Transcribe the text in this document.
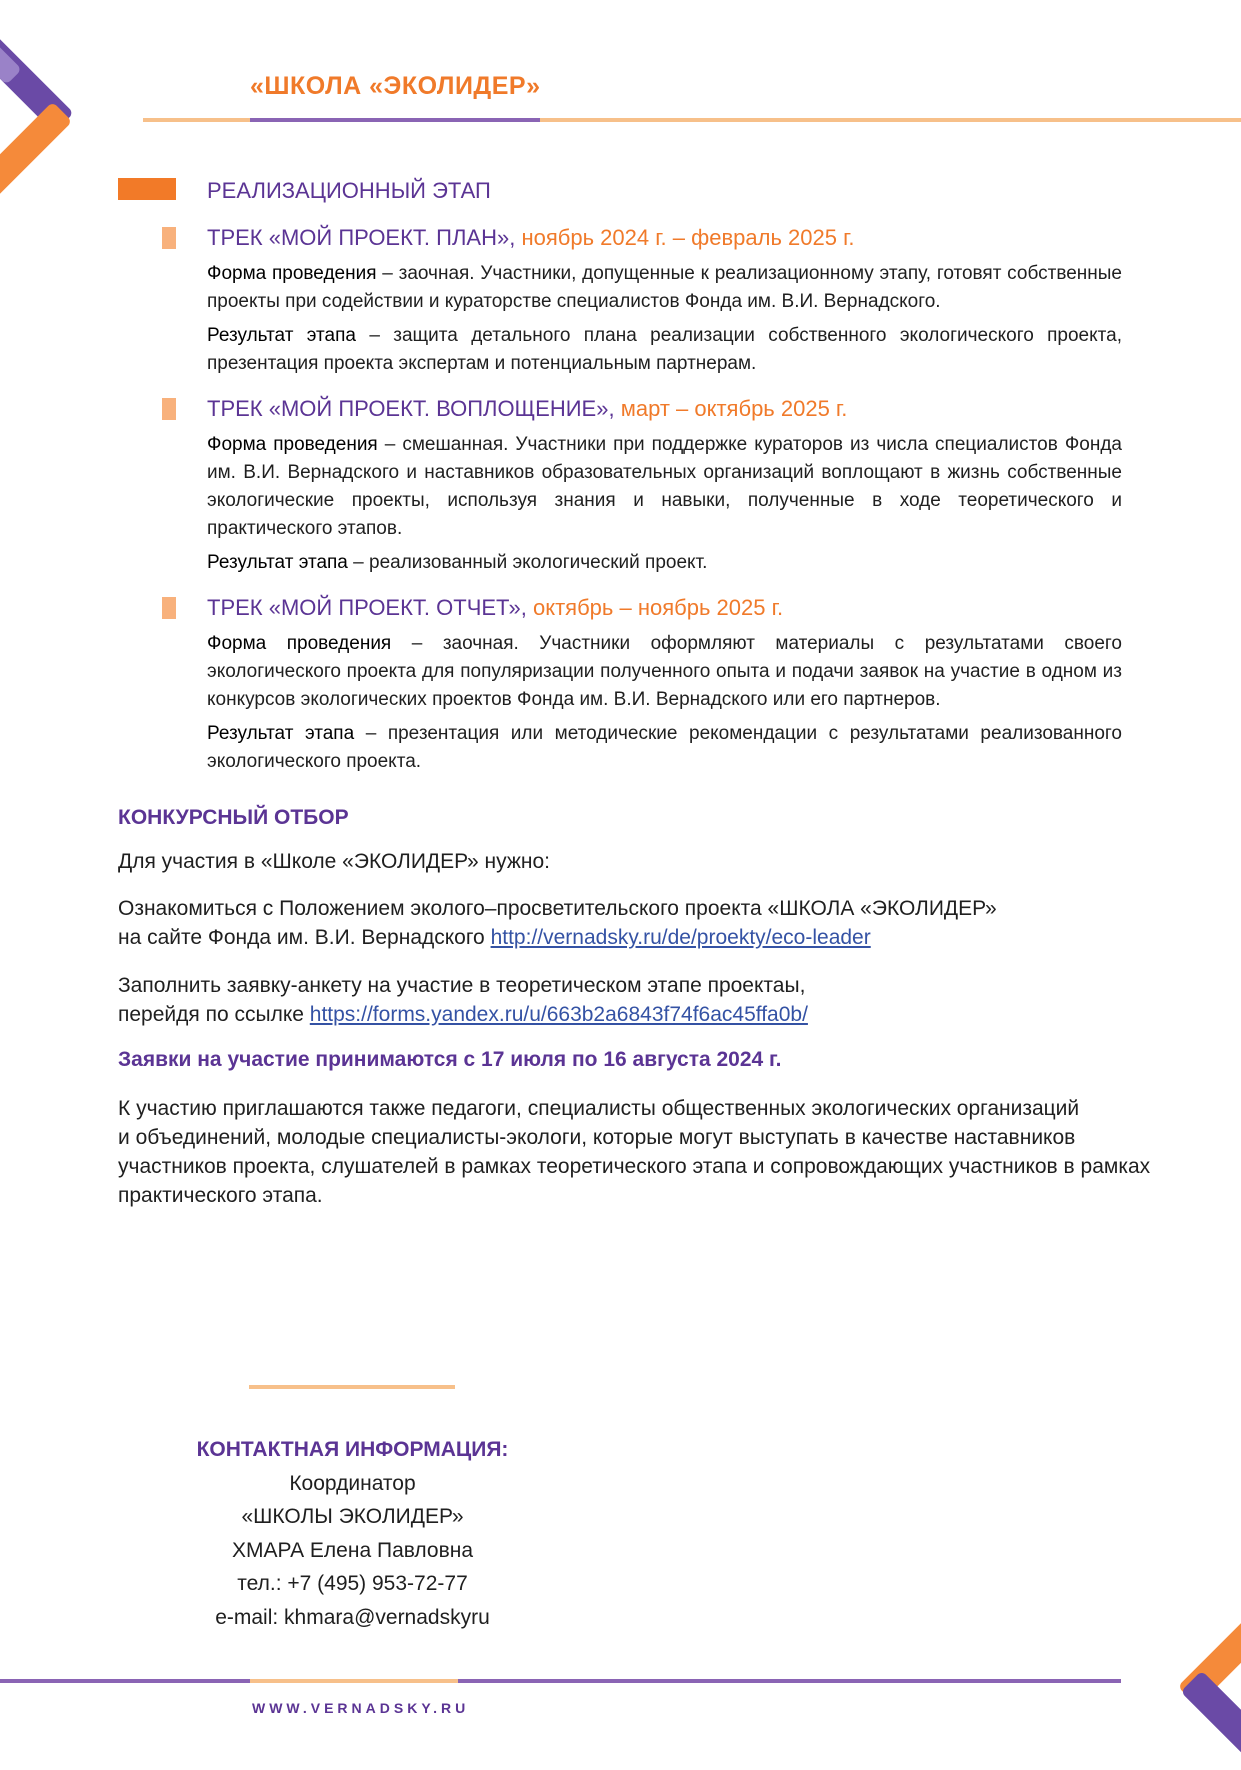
«ШКОЛА «ЭКОЛИДЕР»
РЕАЛИЗАЦИОННЫЙ ЭТАП
ТРЕК «МОЙ ПРОЕКТ. ПЛАН», ноябрь 2024 г. – февраль 2025 г.
Форма проведения – заочная. Участники, допущенные к реализационному этапу, готовят собственные проекты при содействии и кураторстве специалистов Фонда им. В.И. Вернадского.
Результат этапа – защита детального плана реализации собственного экологического проекта, презентация проекта экспертам и потенциальным партнерам.
ТРЕК «МОЙ ПРОЕКТ. ВОПЛОЩЕНИЕ», март – октябрь 2025 г.
Форма проведения – смешанная. Участники при поддержке кураторов из числа специалистов Фонда им. В.И. Вернадского и наставников образовательных организаций воплощают в жизнь собственные экологические проекты, используя знания и навыки, полученные в ходе теоретического и практического этапов.
Результат этапа – реализованный экологический проект.
ТРЕК «МОЙ ПРОЕКТ. ОТЧЕТ», октябрь – ноябрь 2025 г.
Форма проведения – заочная. Участники оформляют материалы с результатами своего экологического проекта для популяризации полученного опыта и подачи заявок на участие в одном из конкурсов экологических проектов Фонда им. В.И. Вернадского или его партнеров.
Результат этапа – презентация или методические рекомендации с результатами реализованного экологического проекта.
КОНКУРСНЫЙ ОТБОР
Для участия в «Школе «ЭКОЛИДЕР» нужно:
Ознакомиться с Положением эколого–просветительского проекта «ШКОЛА «ЭКОЛИДЕР»
на сайте Фонда им. В.И. Вернадского http://vernadsky.ru/de/proekty/eco-leader
Заполнить заявку-анкету на участие в теоретическом этапе проектаы,
перейдя по ссылке https://forms.yandex.ru/u/663b2a6843f74f6ac45ffa0b/
Заявки на участие принимаются с 17 июля по 16 августа 2024 г.
К участию приглашаются также педагоги, специалисты общественных экологических организаций
и объединений, молодые специалисты-экологи, которые могут выступать в качестве наставников
участников проекта, слушателей в рамках теоретического этапа и сопровождающих участников в рамках
практического этапа.
КОНТАКТНАЯ ИНФОРМАЦИЯ:
Координатор
«ШКОЛЫ ЭКОЛИДЕР»
ХМАРА Елена Павловна
тел.: +7 (495) 953-72-77
e-mail: khmara@vernadskyru
WWW.VERNADSKY.RU
